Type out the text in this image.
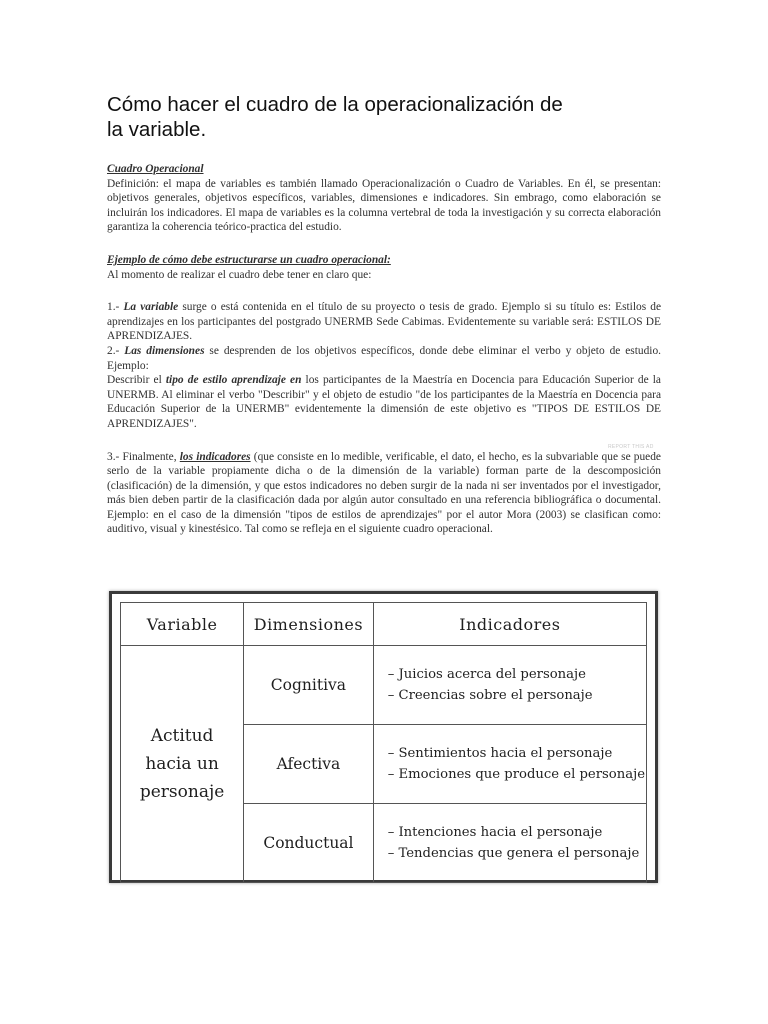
Cómo hacer el cuadro de la operacionalización de
la variable.

Cuadro Operacional

Definición: el mapa de variables es también llamado Operacionalización o Cuadro de Variables. En él, se presentan: objetivos generales, objetivos específicos, variables, dimensiones e indicadores. Sin embrago, como elaboración se incluirán los indicadores. El mapa de variables es la columna vertebral de toda la investigación y su correcta elaboración garantiza la coherencia teórico-practica del estudio.

Ejemplo de cómo debe estructurarse un cuadro operacional:

Al momento de realizar el cuadro debe tener en claro que:

1.- La variable surge o está contenida en el título de su proyecto o tesis de grado. Ejemplo si su título es: Estilos de aprendizajes en los participantes del postgrado UNERMB Sede Cabimas. Evidentemente su variable será: ESTILOS DE APRENDIZAJES.

2.- Las dimensiones se desprenden de los objetivos específicos, donde debe eliminar el verbo y objeto de estudio. Ejemplo:

Describir el tipo de estilo aprendizaje en los participantes de la Maestría en Docencia para Educación Superior de la UNERMB. Al eliminar el verbo "Describir" y el objeto de estudio "de los participantes de la Maestría en Docencia para Educación Superior de la UNERMB" evidentemente la dimensión de este objetivo es "TIPOS DE ESTILOS DE APRENDIZAJES".

3.- Finalmente, los indicadores (que consiste en lo medible, verificable, el dato, el hecho, es la subvariable que se puede serlo de la variable propiamente dicha o de la dimensión de la variable) forman parte de la descomposición (clasificación) de la dimensión, y que estos indicadores no deben surgir de la nada ni ser inventados por el investigador, más bien deben partir de la clasificación dada por algún autor consultado en una referencia bibliográfica o documental. Ejemplo: en el caso de la dimensión "tipos de estilos de aprendizajes" por el autor Mora (2003) se clasifican como: auditivo, visual y kinestésico. Tal como se refleja en el siguiente cuadro operacional.

REPORT THIS AD
Variable	Dimensiones	Indicadores
Actitud
hacia un
personaje	Cognitiva	– Juicios acerca del personaje
– Creencias sobre el personaje

	Afectiva	– Sentimientos hacia el personaje
– Emociones que produce el personaje

	Conductual	– Intenciones hacia el personaje
– Tendencias que genera el personaje
